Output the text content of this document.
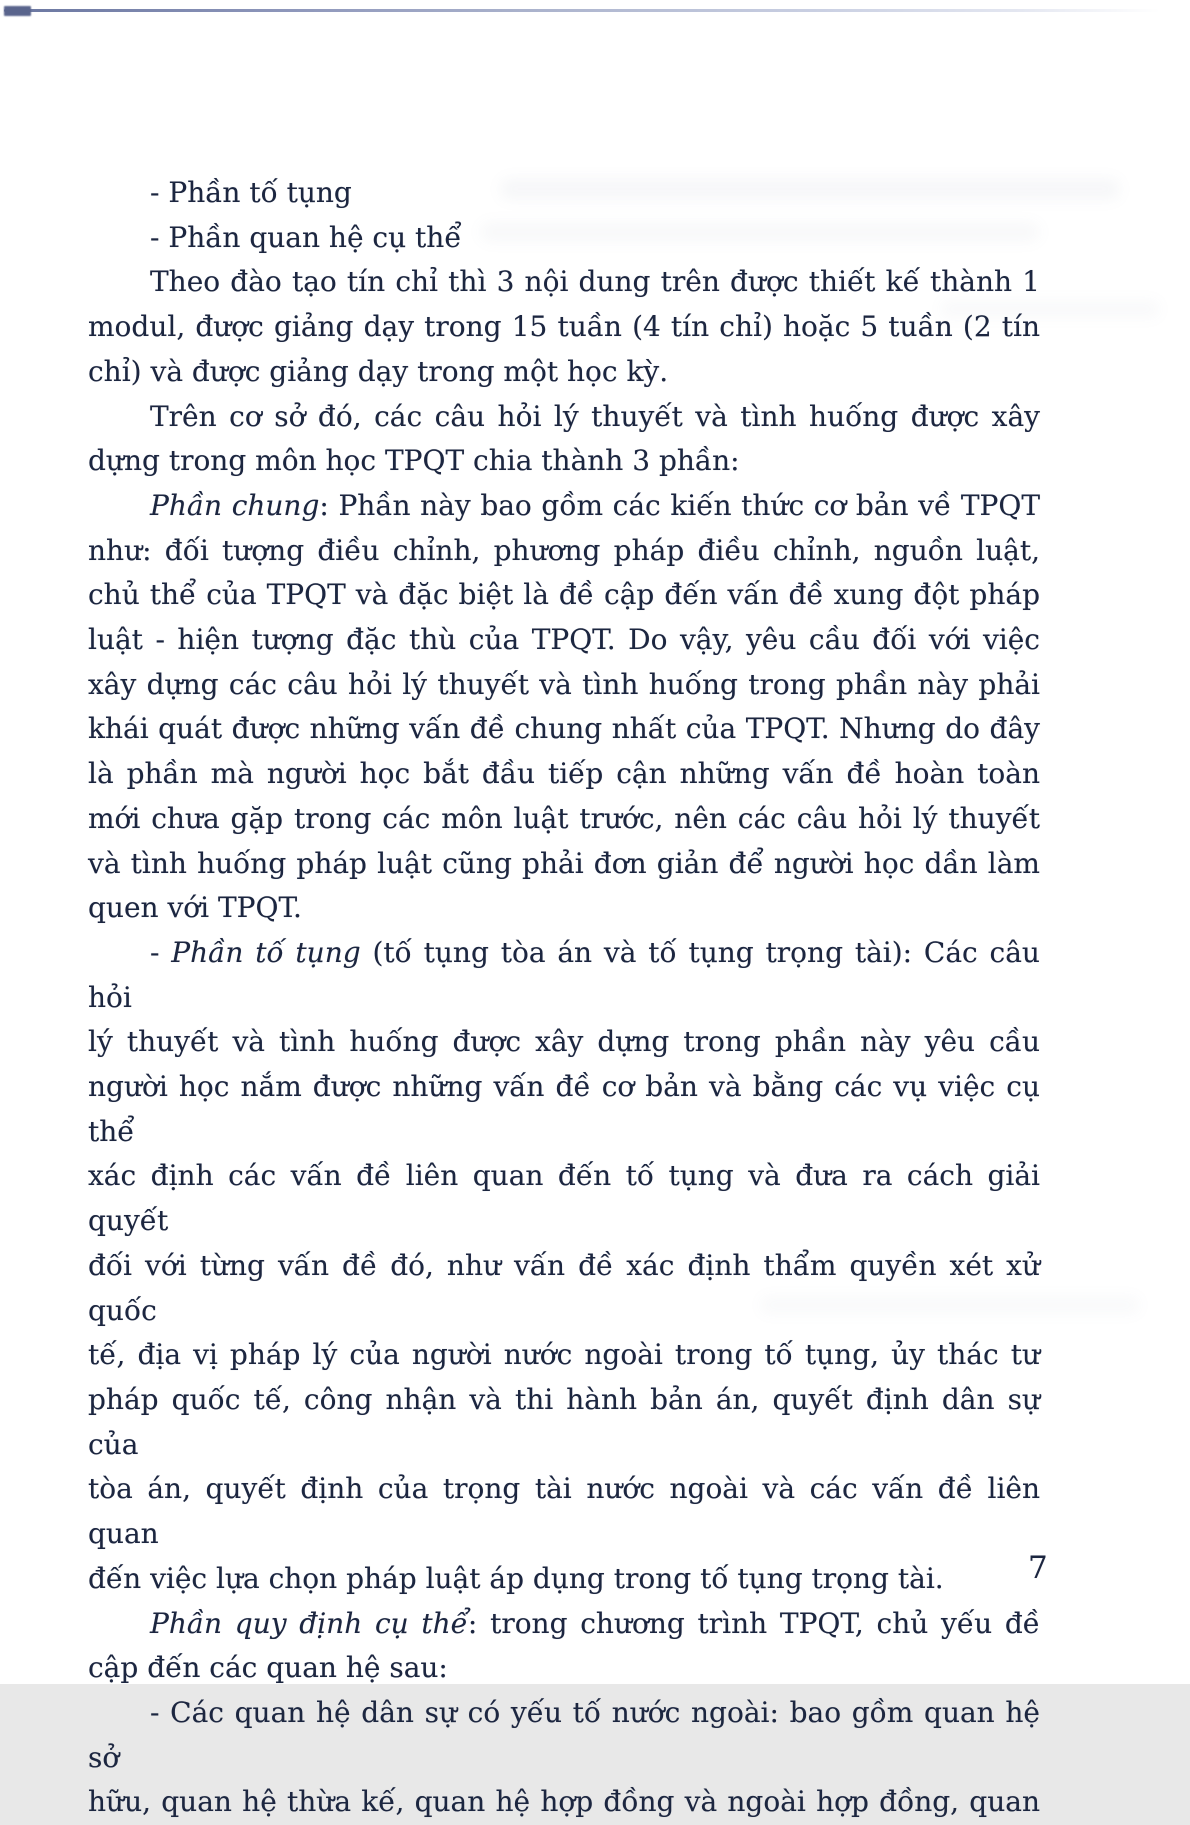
- Phần tố tụng
- Phần quan hệ cụ thể
Theo đào tạo tín chỉ thì 3 nội dung trên được thiết kế thành 1
modul, được giảng dạy trong 15 tuần (4 tín chỉ) hoặc 5 tuần (2 tín
chỉ) và được giảng dạy trong một học kỳ.
Trên cơ sở đó, các câu hỏi lý thuyết và tình huống được xây
dựng trong môn học TPQT chia thành 3 phần:
Phần chung: Phần này bao gồm các kiến thức cơ bản về TPQT
như: đối tượng điều chỉnh, phương pháp điều chỉnh, nguồn luật,
chủ thể của TPQT và đặc biệt là đề cập đến vấn đề xung đột pháp
luật - hiện tượng đặc thù của TPQT. Do vậy, yêu cầu đối với việc
xây dựng các câu hỏi lý thuyết và tình huống trong phần này phải
khái quát được những vấn đề chung nhất của TPQT. Nhưng do đây
là phần mà người học bắt đầu tiếp cận những vấn đề hoàn toàn
mới chưa gặp trong các môn luật trước, nên các câu hỏi lý thuyết
và tình huống pháp luật cũng phải đơn giản để người học dần làm
quen với TPQT.
- Phần tố tụng (tố tụng tòa án và tố tụng trọng tài): Các câu hỏi
lý thuyết và tình huống được xây dựng trong phần này yêu cầu
người học nắm được những vấn đề cơ bản và bằng các vụ việc cụ thể
xác định các vấn đề liên quan đến tố tụng và đưa ra cách giải quyết
đối với từng vấn đề đó, như vấn đề xác định thẩm quyền xét xử quốc
tế, địa vị pháp lý của người nước ngoài trong tố tụng, ủy thác tư
pháp quốc tế, công nhận và thi hành bản án, quyết định dân sự của
tòa án, quyết định của trọng tài nước ngoài và các vấn đề liên quan
đến việc lựa chọn pháp luật áp dụng trong tố tụng trọng tài.
Phần quy định cụ thể: trong chương trình TPQT, chủ yếu đề
cập đến các quan hệ sau:
- Các quan hệ dân sự có yếu tố nước ngoài: bao gồm quan hệ sở
hữu, quan hệ thừa kế, quan hệ hợp đồng và ngoài hợp đồng, quan
7
